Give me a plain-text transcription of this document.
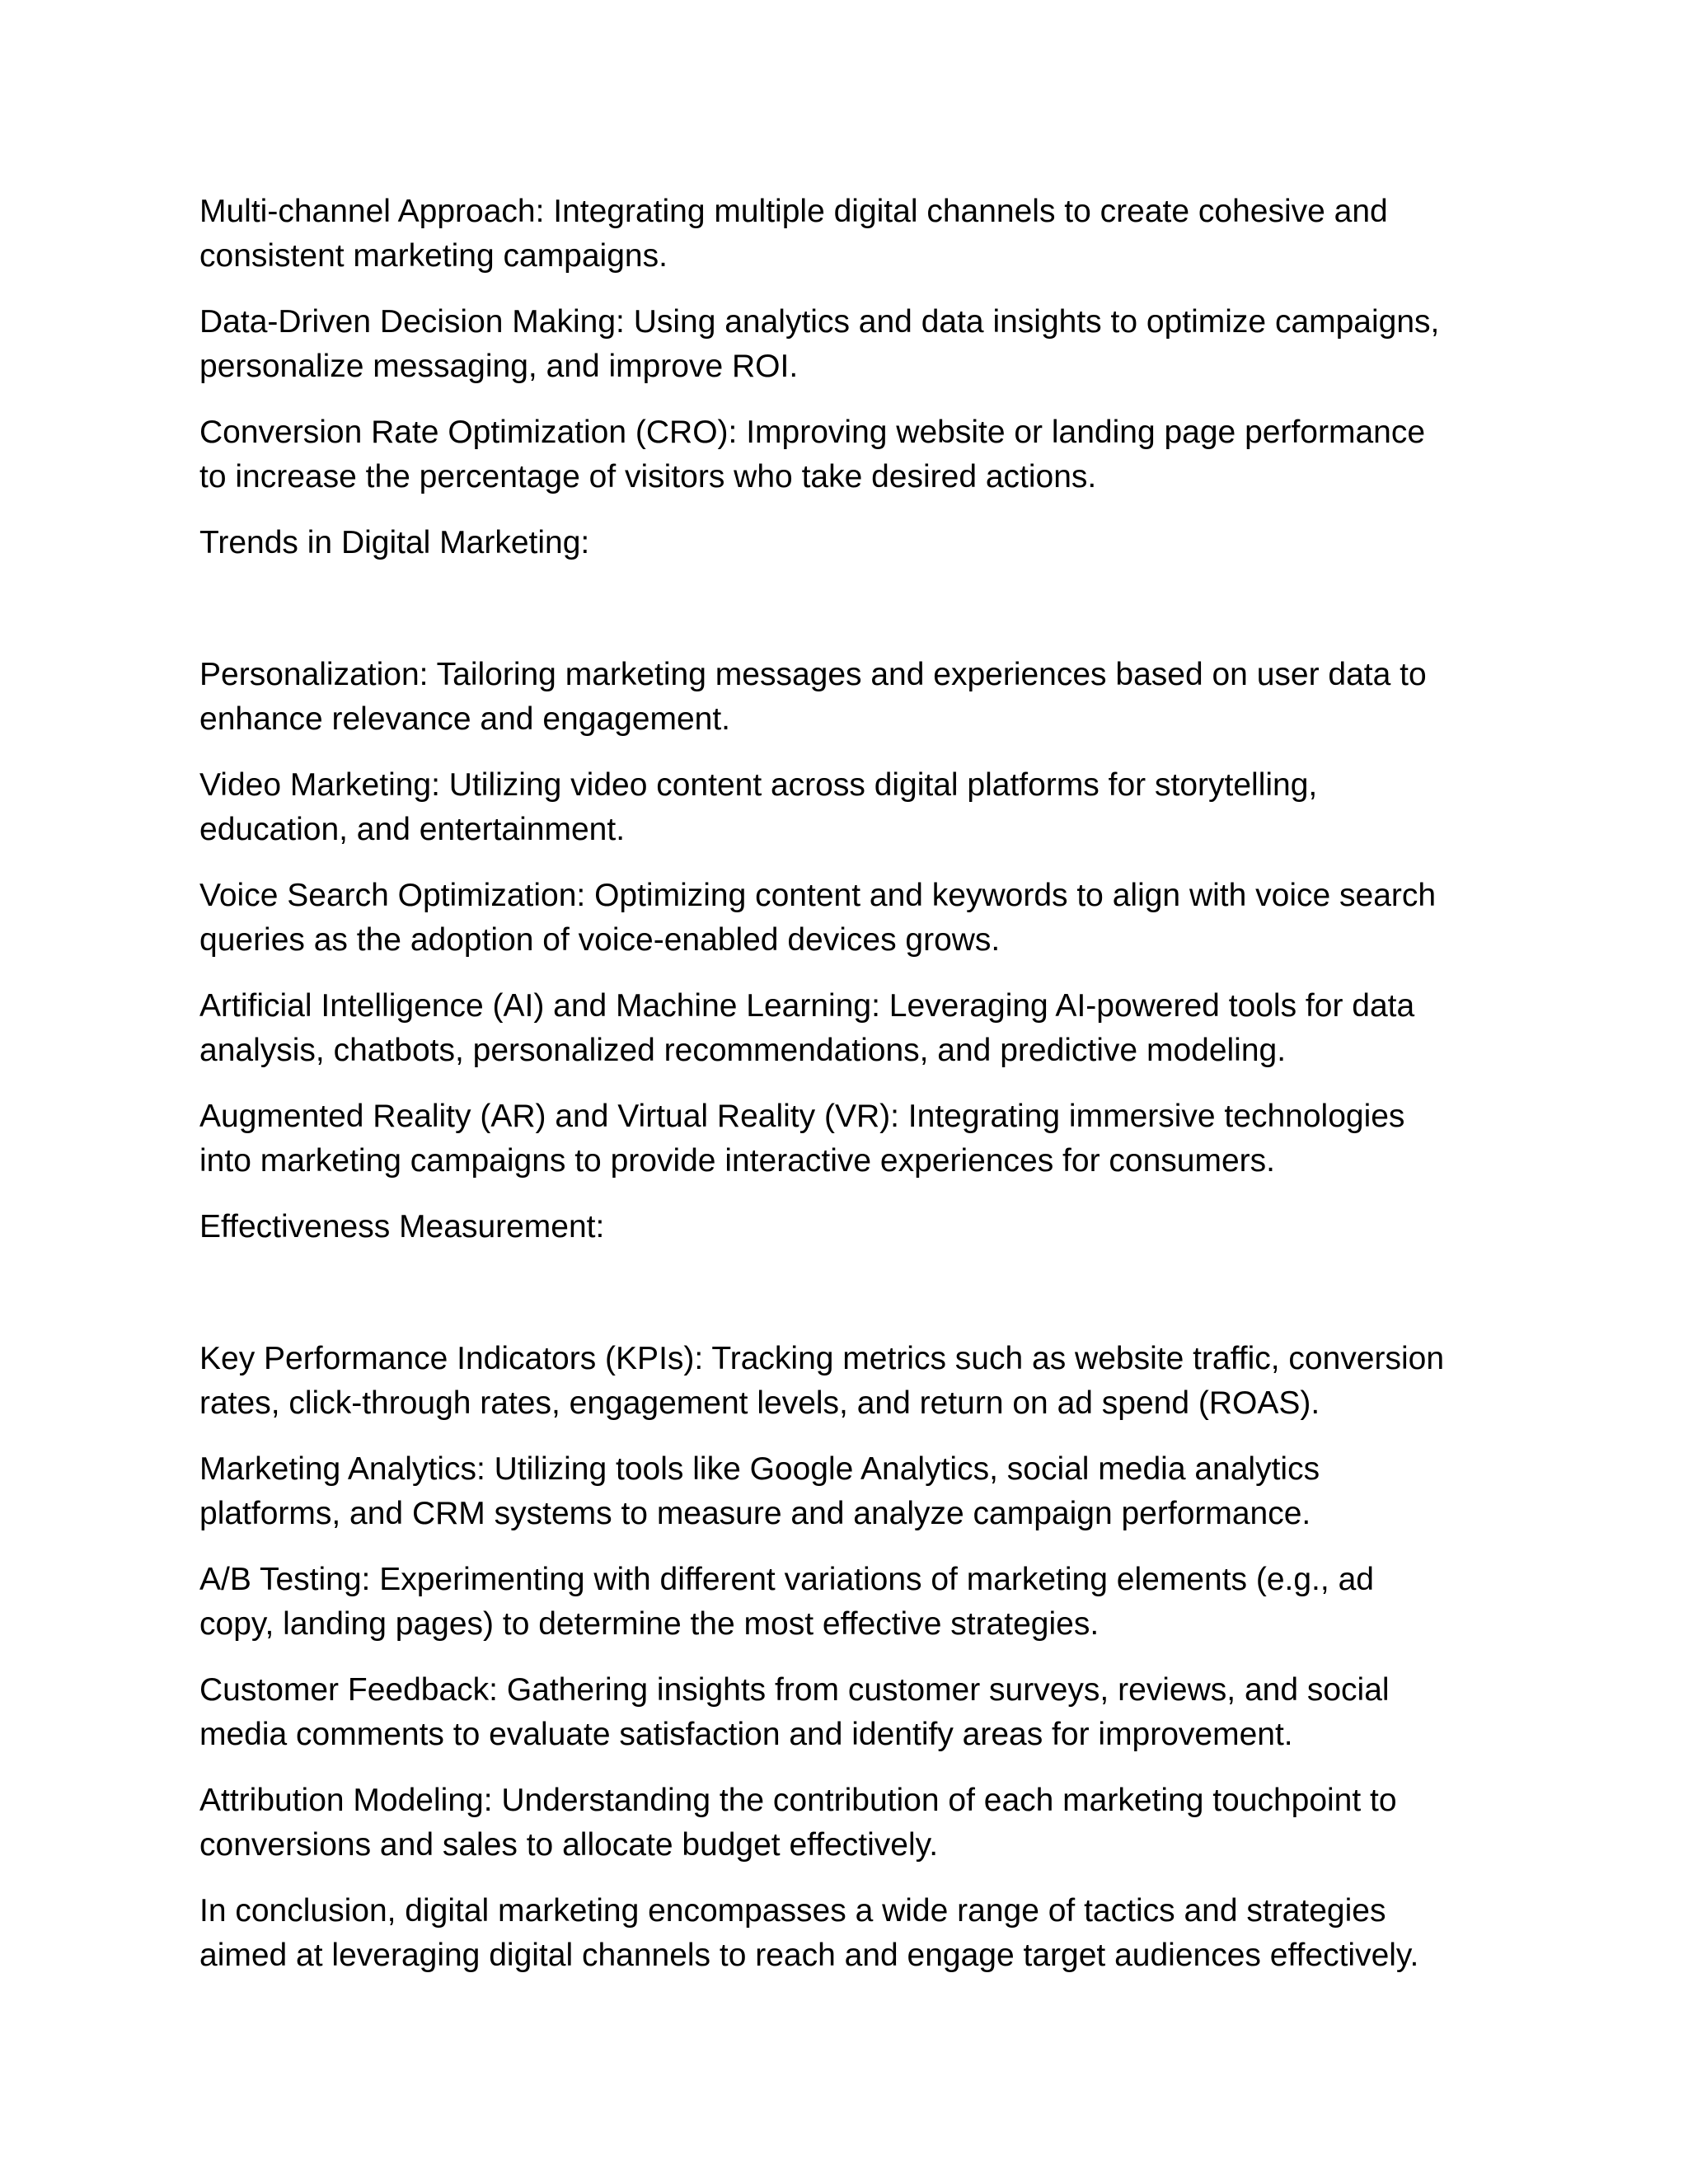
Multi-channel Approach: Integrating multiple digital channels to create cohesive and
consistent marketing campaigns.

Data-Driven Decision Making: Using analytics and data insights to optimize campaigns,
personalize messaging, and improve ROI.

Conversion Rate Optimization (CRO): Improving website or landing page performance
to increase the percentage of visitors who take desired actions.

Trends in Digital Marketing:

Personalization: Tailoring marketing messages and experiences based on user data to
enhance relevance and engagement.

Video Marketing: Utilizing video content across digital platforms for storytelling,
education, and entertainment.

Voice Search Optimization: Optimizing content and keywords to align with voice search
queries as the adoption of voice-enabled devices grows.

Artificial Intelligence (AI) and Machine Learning: Leveraging AI-powered tools for data
analysis, chatbots, personalized recommendations, and predictive modeling.

Augmented Reality (AR) and Virtual Reality (VR): Integrating immersive technologies
into marketing campaigns to provide interactive experiences for consumers.

Effectiveness Measurement:

Key Performance Indicators (KPIs): Tracking metrics such as website traffic, conversion
rates, click-through rates, engagement levels, and return on ad spend (ROAS).

Marketing Analytics: Utilizing tools like Google Analytics, social media analytics
platforms, and CRM systems to measure and analyze campaign performance.

A/B Testing: Experimenting with different variations of marketing elements (e.g., ad
copy, landing pages) to determine the most effective strategies.

Customer Feedback: Gathering insights from customer surveys, reviews, and social
media comments to evaluate satisfaction and identify areas for improvement.

Attribution Modeling: Understanding the contribution of each marketing touchpoint to
conversions and sales to allocate budget effectively.

In conclusion, digital marketing encompasses a wide range of tactics and strategies
aimed at leveraging digital channels to reach and engage target audiences effectively.
